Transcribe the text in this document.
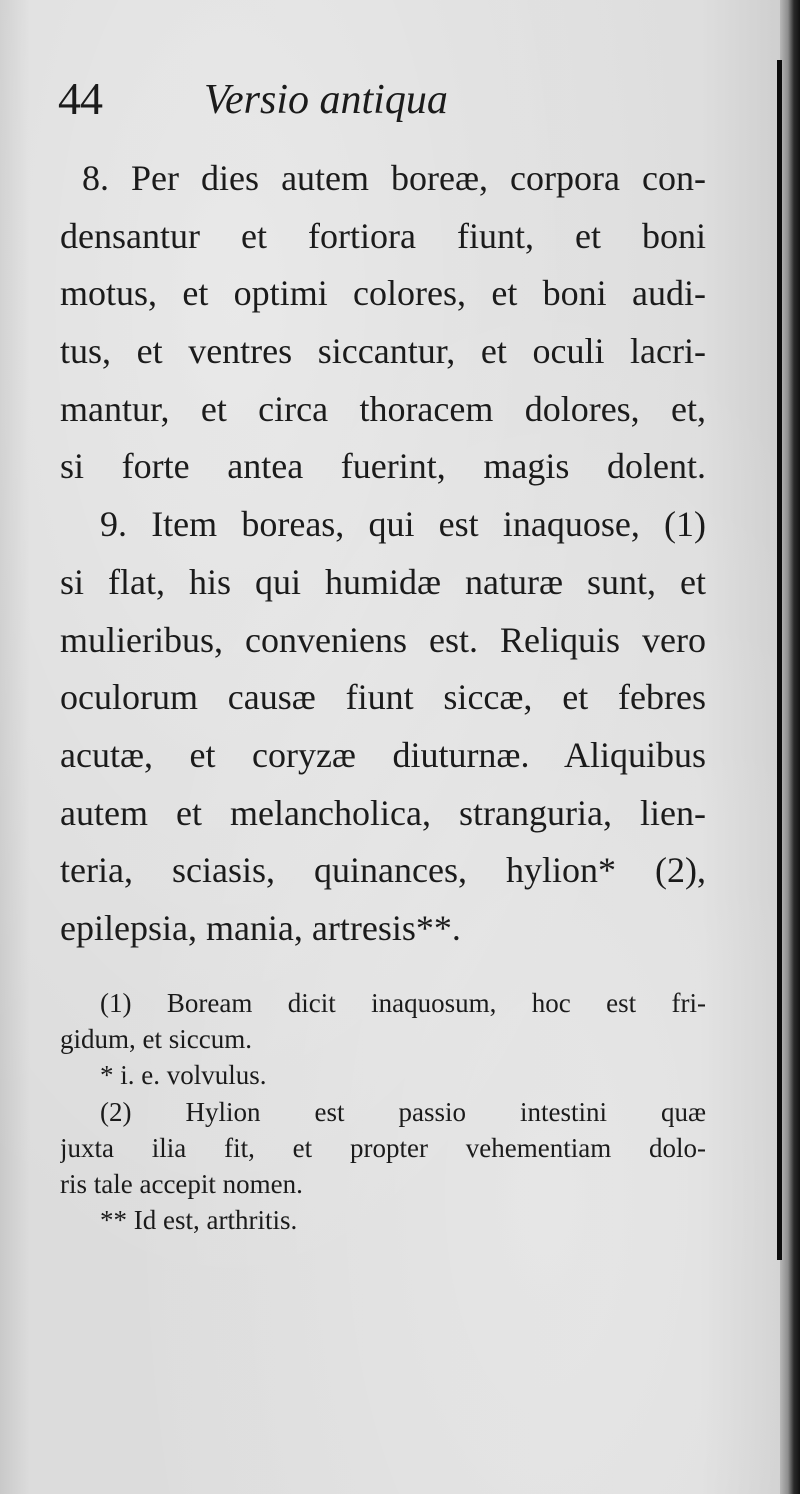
44 Versio antiqua
8. Per dies autem boreæ, corpora con-
densantur et fortiora fiunt, et boni
motus, et optimi colores, et boni audi-
tus, et ventres siccantur, et oculi lacri-
mantur, et circa thoracem dolores, et,
si forte antea fuerint, magis dolent.
9. Item boreas, qui est inaquose, (1)
si flat, his qui humidæ naturæ sunt, et
mulieribus, conveniens est. Reliquis vero
oculorum causæ fiunt siccæ, et febres
acutæ, et coryzæ diuturnæ. Aliquibus
autem et melancholica, stranguria, lien-
teria, sciasis, quinances, hylion* (2),
epilepsia, mania, artresis**.
(1) Boream dicit inaquosum, hoc est fri-
gidum, et siccum.
* i. e. volvulus.
(2) Hylion est passio intestini quæ
juxta ilia fit, et propter vehementiam dolo-
ris tale accepit nomen.
** Id est, arthritis.
